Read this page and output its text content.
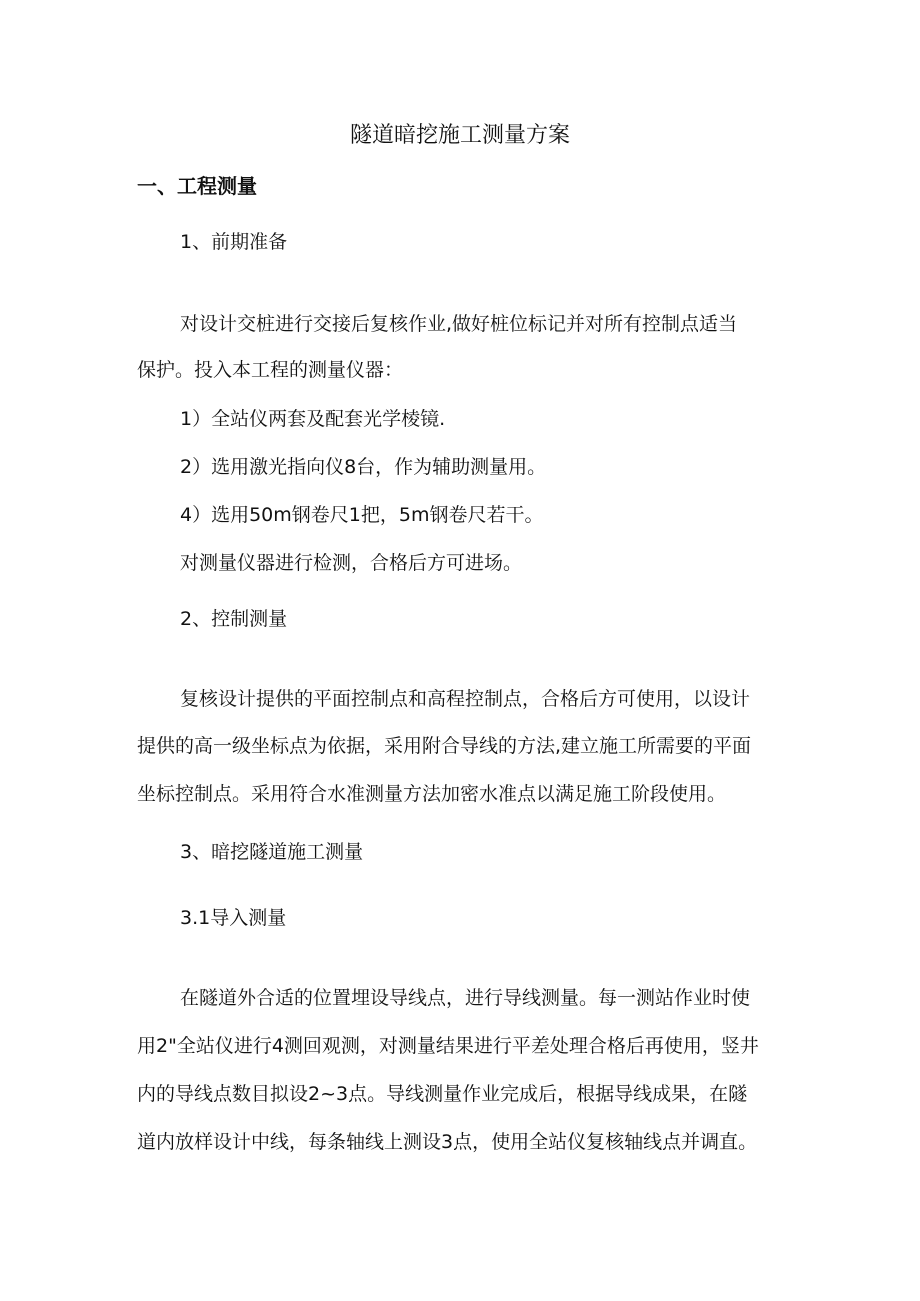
隧道暗挖施工测量方案
一、工程测量
1、前期准备
对设计交桩进行交接后复核作业,做好桩位标记并对所有控制点适当
保护。投入本工程的测量仪器：
1）全站仪两套及配套光学棱镜.
2）选用激光指向仪8台，作为辅助测量用。
4）选用50m钢卷尺1把，5m钢卷尺若干。
对测量仪器进行检测，合格后方可进场。
2、控制测量
复核设计提供的平面控制点和高程控制点，合格后方可使用，以设计
提供的高一级坐标点为依据，采用附合导线的方法,建立施工所需要的平面
坐标控制点。采用符合水准测量方法加密水准点以满足施工阶段使用。
3、暗挖隧道施工测量
3.1导入测量
在隧道外合适的位置埋设导线点，进行导线测量。每一测站作业时使
用2"全站仪进行4测回观测，对测量结果进行平差处理合格后再使用，竖井
内的导线点数目拟设2~3点。导线测量作业完成后，根据导线成果，在隧
道内放样设计中线，每条轴线上测设3点，使用全站仪复核轴线点并调直。
